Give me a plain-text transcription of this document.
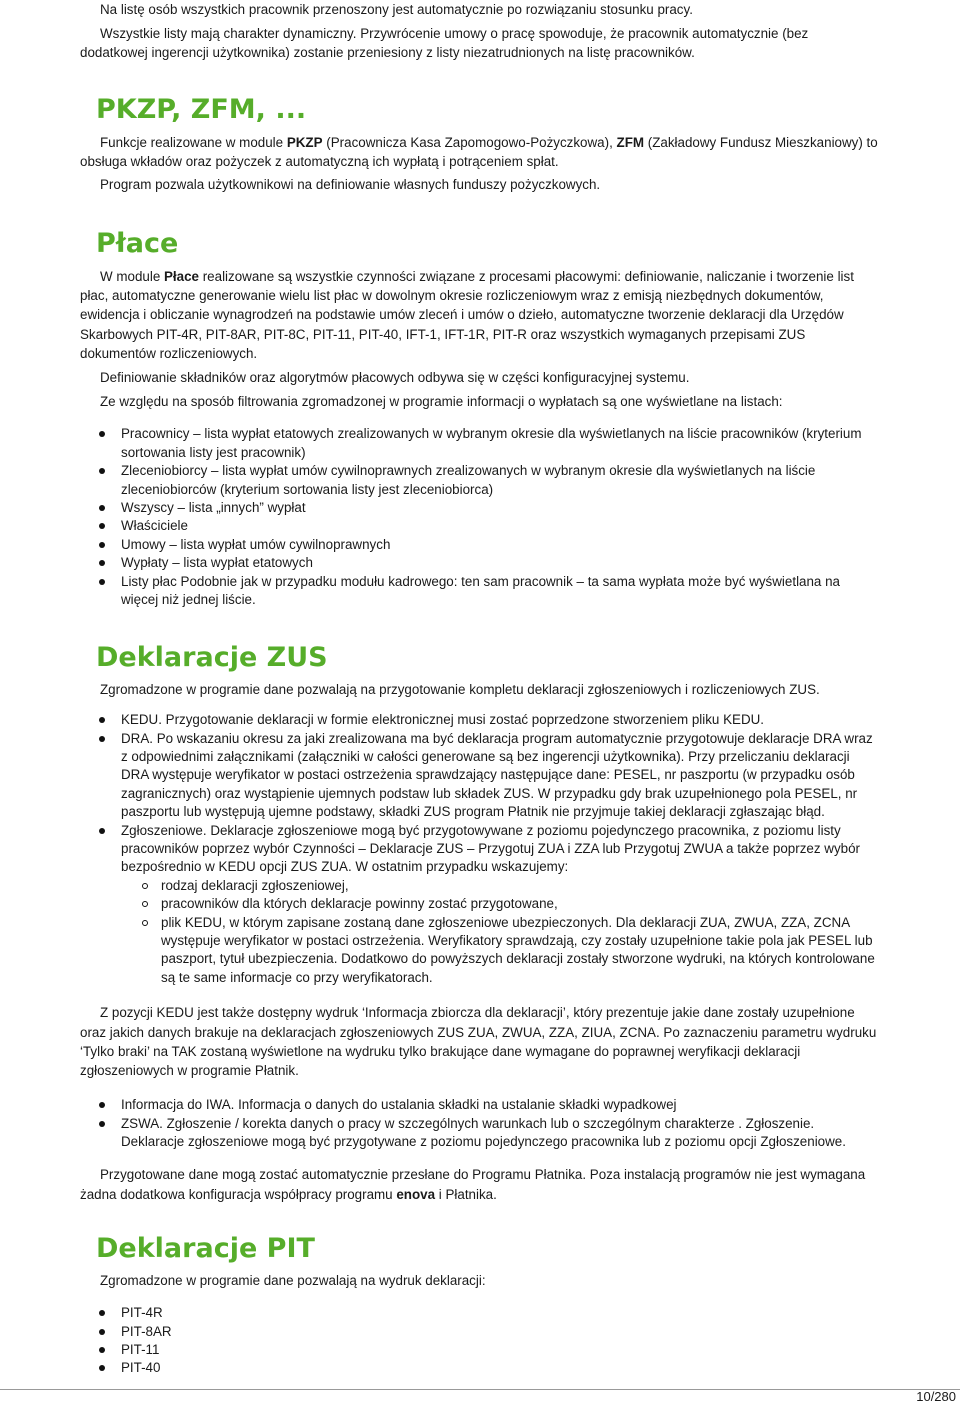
Na listę osób wszystkich pracownik przenoszony jest automatycznie po rozwiązaniu stosunku pracy.

Wszystkie listy mają charakter dynamiczny. Przywrócenie umowy o pracę spowoduje, że pracownik automatycznie (bez dodatkowej ingerencji użytkownika) zostanie przeniesiony z listy niezatrudnionych na listę pracowników.

PKZP, ZFM, ...

Funkcje realizowane w module PKZP (Pracownicza Kasa Zapomogowo-Pożyczkowa), ZFM (Zakładowy Fundusz Mieszkaniowy) to obsługa wkładów oraz pożyczek z automatyczną ich wypłatą i potrąceniem spłat.

Program pozwala użytkownikowi na definiowanie własnych funduszy pożyczkowych.

Płace

W module Płace realizowane są wszystkie czynności związane z procesami płacowymi: definiowanie, naliczanie i tworzenie list płac, automatyczne generowanie wielu list płac w dowolnym okresie rozliczeniowym wraz z emisją niezbędnych dokumentów, ewidencja i obliczanie wynagrodzeń na podstawie umów zleceń i umów o dzieło, automatyczne tworzenie deklaracji dla Urzędów Skarbowych PIT-4R, PIT-8AR, PIT-8C, PIT-11, PIT-40, IFT-1, IFT-1R, PIT-R oraz wszystkich wymaganych przepisami ZUS dokumentów rozliczeniowych.

Definiowanie składników oraz algorytmów płacowych odbywa się w części konfiguracyjnej systemu.

Ze względu na sposób filtrowania zgromadzonej w programie informacji o wypłatach są one wyświetlane na listach:

Pracownicy – lista wypłat etatowych zrealizowanych w wybranym okresie dla wyświetlanych na liście pracowników (kryterium sortowania listy jest pracownik)
Zleceniobiorcy – lista wypłat umów cywilnoprawnych zrealizowanych w wybranym okresie dla wyświetlanych na liście zleceniobiorców (kryterium sortowania listy jest zleceniobiorca)
Wszyscy – lista „innych” wypłat
Właściciele
Umowy – lista wypłat umów cywilnoprawnych
Wypłaty – lista wypłat etatowych
Listy płac Podobnie jak w przypadku modułu kadrowego: ten sam pracownik – ta sama wypłata może być wyświetlana na więcej niż jednej liście.
Deklaracje ZUS

Zgromadzone w programie dane pozwalają na przygotowanie kompletu deklaracji zgłoszeniowych i rozliczeniowych ZUS.

KEDU. Przygotowanie deklaracji w formie elektronicznej musi zostać poprzedzone stworzeniem pliku KEDU.
DRA. Po wskazaniu okresu za jaki zrealizowana ma być deklaracja program automatycznie przygotowuje deklaracje DRA wraz z odpowiednimi załącznikami (załączniki w całości generowane są bez ingerencji użytkownika). Przy przeliczaniu deklaracji DRA występuje weryfikator w postaci ostrzeżenia sprawdzający następujące dane: PESEL, nr paszportu (w przypadku osób zagranicznych) oraz wystąpienie ujemnych podstaw lub składek ZUS. W przypadku gdy brak uzupełnionego pola PESEL, nr paszportu lub występują ujemne podstawy, składki ZUS program Płatnik nie przyjmuje takiej deklaracji zgłaszając błąd.
Zgłoszeniowe. Deklaracje zgłoszeniowe mogą być przygotowywane z poziomu pojedynczego pracownika, z poziomu listy pracowników poprzez wybór Czynności – Deklaracje ZUS – Przygotuj ZUA i ZZA lub Przygotuj ZWUA a także poprzez wybór bezpośrednio w KEDU opcji ZUS ZUA. W ostatnim przypadku wskazujemy:
rodzaj deklaracji zgłoszeniowej,
pracowników dla których deklaracje powinny zostać przygotowane,
plik KEDU, w którym zapisane zostaną dane zgłoszeniowe ubezpieczonych. Dla deklaracji ZUA, ZWUA, ZZA, ZCNA występuje weryfikator w postaci ostrzeżenia. Weryfikatory sprawdzają, czy zostały uzupełnione takie pola jak PESEL lub paszport, tytuł ubezpieczenia. Dodatkowo do powyższych deklaracji zostały stworzone wydruki, na których kontrolowane są te same informacje co przy weryfikatorach.

Z pozycji KEDU jest także dostępny wydruk ‘Informacja zbiorcza dla deklaracji’, który prezentuje jakie dane zostały uzupełnione oraz jakich danych brakuje na deklaracjach zgłoszeniowych ZUS ZUA, ZWUA, ZZA, ZIUA, ZCNA. Po zaznaczeniu parametru wydruku ‘Tylko braki’ na TAK zostaną wyświetlone na wydruku tylko brakujące dane wymagane do poprawnej weryfikacji deklaracji zgłoszeniowych w programie Płatnik.

Informacja do IWA. Informacja o danych do ustalania składki na ustalanie składki wypadkowej
ZSWA. Zgłoszenie / korekta danych o pracy w szczególnych warunkach lub o szczególnym charakterze . Zgłoszenie. Deklaracje zgłoszeniowe mogą być przygotywane z poziomu pojedynczego pracownika lub z poziomu opcji Zgłoszeniowe.

Przygotowane dane mogą zostać automatycznie przesłane do Programu Płatnika. Poza instalacją programów nie jest wymagana żadna dodatkowa konfiguracja współpracy programu enova i Płatnika.

Deklaracje PIT

Zgromadzone w programie dane pozwalają na wydruk deklaracji:

PIT-4R
PIT-8AR
PIT-11
PIT-40
10/280
